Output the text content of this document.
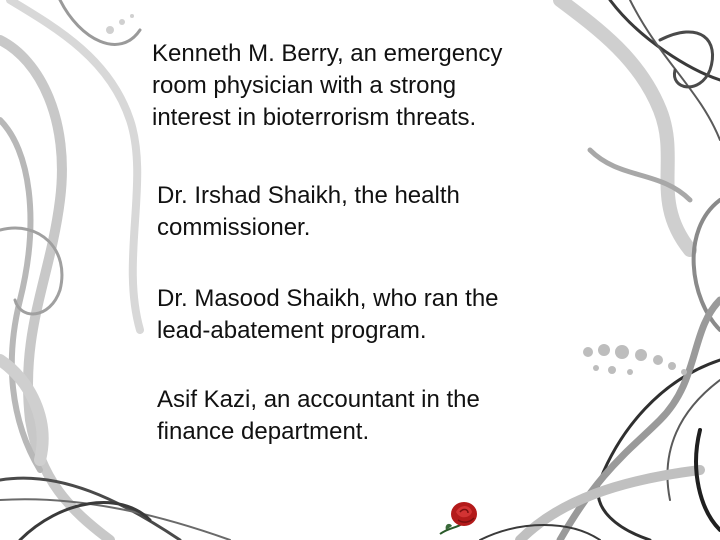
Kenneth M. Berry, an emergency
room physician with a strong
interest in bioterrorism threats.
Dr. Irshad Shaikh, the health
commissioner.
Dr. Masood Shaikh, who ran the
lead-abatement program.
Asif Kazi, an accountant in the
finance department.
